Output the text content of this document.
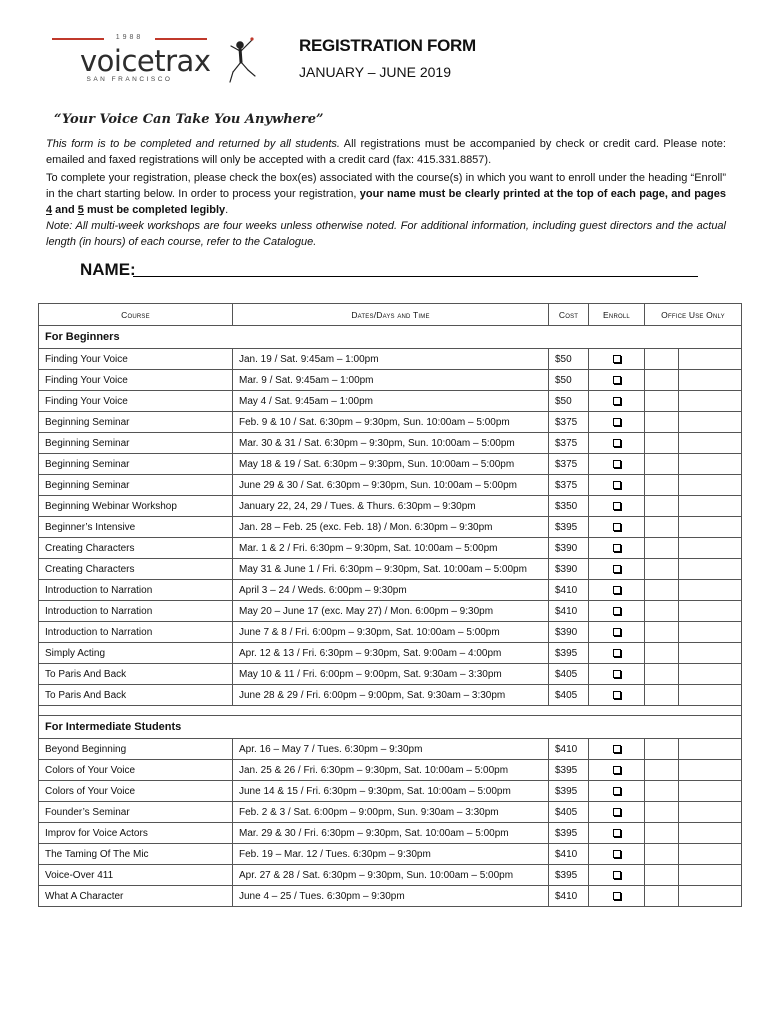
1988
voicetrax
SAN FRANCISCO
REGISTRATION FORM
JANUARY – JUNE 2019
“Your Voice Can Take You Anywhere”
This form is to be completed and returned by all students. All registrations must be accompanied by check or credit card. Please note: emailed and faxed registrations will only be accepted with a credit card (fax: 415.331.8857).
To complete your registration, please check the box(es) associated with the course(s) in which you want to enroll under the heading “Enroll” in the chart starting below. In order to process your registration, your name must be clearly printed at the top of each page, and pages 4 and 5 must be completed legibly.
Note: All multi-week workshops are four weeks unless otherwise noted. For additional information, including guest directors and the actual length (in hours) of each course, refer to the Catalogue.
NAME:
Course	Dates/Days and Time	Cost	Enroll	Office Use Only	
For Beginners					
Finding Your Voice	Jan. 19 / Sat. 9:45am – 1:00pm	$50			
Finding Your Voice	Mar. 9 / Sat. 9:45am – 1:00pm	$50			
Finding Your Voice	May 4 / Sat. 9:45am – 1:00pm	$50			
Beginning Seminar	Feb. 9 & 10 / Sat. 6:30pm – 9:30pm, Sun. 10:00am – 5:00pm	$375			
Beginning Seminar	Mar. 30 & 31 / Sat. 6:30pm – 9:30pm, Sun. 10:00am – 5:00pm	$375			
Beginning Seminar	May 18 & 19 / Sat. 6:30pm – 9:30pm, Sun. 10:00am – 5:00pm	$375			
Beginning Seminar	June 29 & 30 / Sat. 6:30pm – 9:30pm, Sun. 10:00am – 5:00pm	$375			
Beginning Webinar Workshop	January 22, 24, 29 / Tues. & Thurs. 6:30pm – 9:30pm	$350			
Beginner’s Intensive	Jan. 28 – Feb. 25 (exc. Feb. 18) / Mon. 6:30pm – 9:30pm	$395			
Creating Characters	Mar. 1 & 2 / Fri. 6:30pm – 9:30pm, Sat. 10:00am – 5:00pm	$390			
Creating Characters	May 31 & June 1 / Fri. 6:30pm – 9:30pm, Sat. 10:00am – 5:00pm	$390			
Introduction to Narration	April 3 – 24 / Weds. 6:00pm – 9:30pm	$410			
Introduction to Narration	May 20 – June 17 (exc. May 27) / Mon. 6:00pm – 9:30pm	$410			
Introduction to Narration	June 7 & 8 / Fri. 6:00pm – 9:30pm, Sat. 10:00am – 5:00pm	$390			
Simply Acting	Apr. 12 & 13 / Fri. 6:30pm – 9:30pm, Sat. 9:00am – 4:00pm	$395			
To Paris And Back	May 10 & 11 / Fri. 6:00pm – 9:00pm, Sat. 9:30am – 3:30pm	$405			
To Paris And Back	June 28 & 29 / Fri. 6:00pm – 9:00pm, Sat. 9:30am – 3:30pm	$405			

For Intermediate Students					
Beyond Beginning	Apr. 16 – May 7 / Tues. 6:30pm – 9:30pm	$410			
Colors of Your Voice	Jan. 25 & 26 / Fri. 6:30pm – 9:30pm, Sat. 10:00am – 5:00pm	$395			
Colors of Your Voice	June 14 & 15 / Fri. 6:30pm – 9:30pm, Sat. 10:00am – 5:00pm	$395			
Founder’s Seminar	Feb. 2 & 3 / Sat. 6:00pm – 9:00pm, Sun. 9:30am – 3:30pm	$405			
Improv for Voice Actors	Mar. 29 & 30 / Fri. 6:30pm – 9:30pm, Sat. 10:00am – 5:00pm	$395			
The Taming Of The Mic	Feb. 19 – Mar. 12 / Tues. 6:30pm – 9:30pm	$410			
Voice-Over 411	Apr. 27 & 28 / Sat. 6:30pm – 9:30pm, Sun. 10:00am – 5:00pm	$395			
What A Character	June 4 – 25 / Tues. 6:30pm – 9:30pm	$410			
